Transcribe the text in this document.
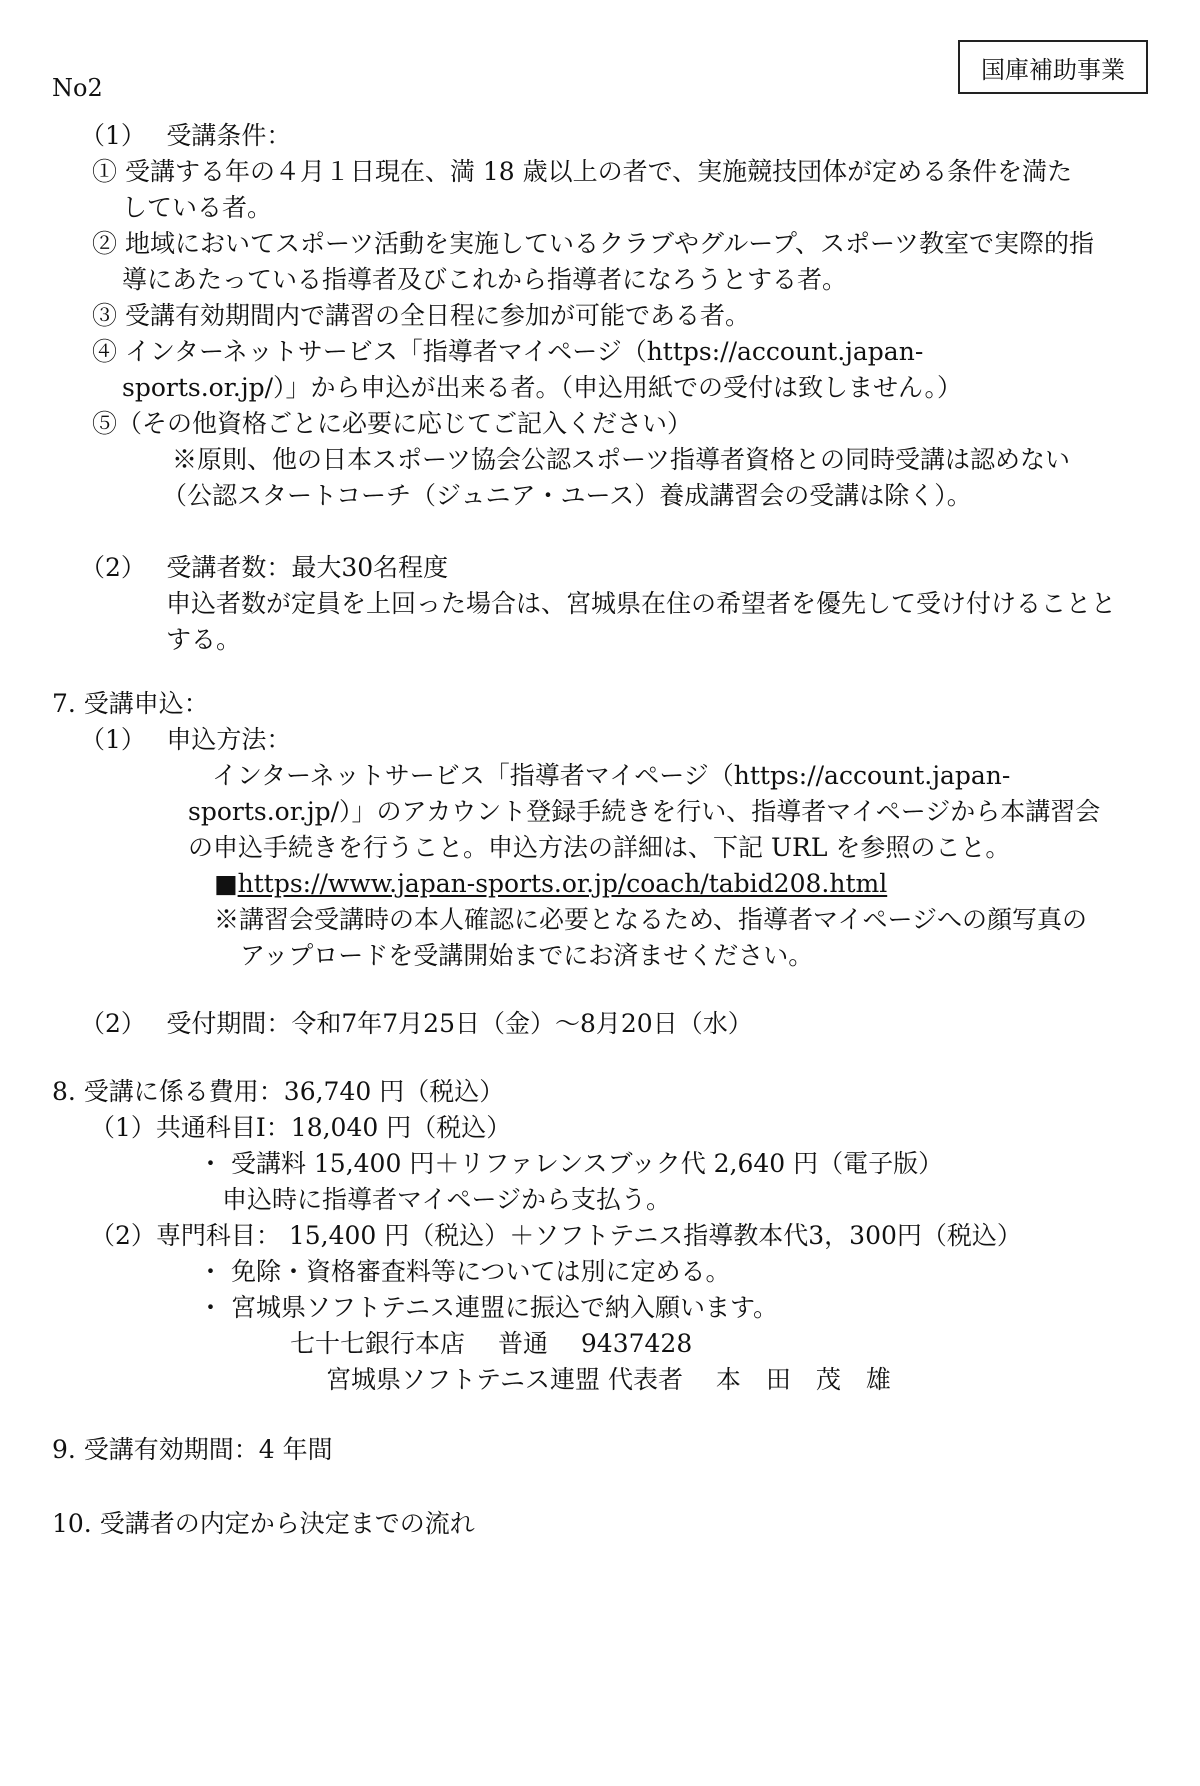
No2

国庫補助事業

（1）　 受講条件：

① 受講する年の４月１日現在、満 18 歳以上の者で、実施競技団体が定める条件を満た

している者。

② 地域においてスポーツ活動を実施しているクラブやグループ、スポーツ教室で実際的指

導にあたっている指導者及びこれから指導者になろうとする者。

③ 受講有効期間内で講習の全日程に参加が可能である者。

④ インターネットサービス「指導者マイページ（https://account.japan-

sports.or.jp/）」から申込が出来る者。（申込用紙での受付は致しません。）

⑤（その他資格ごとに必要に応じてご記入ください）

※原則、他の日本スポーツ協会公認スポーツ指導者資格との同時受講は認めない

（公認スタートコーチ（ジュニア・ユース）養成講習会の受講は除く）。

（2）　 受講者数：最大30名程度

申込者数が定員を上回った場合は、宮城県在住の希望者を優先して受け付けることと

する。

7. 受講申込：

（1）　 申込方法：

インターネットサービス「指導者マイページ（https://account.japan-

sports.or.jp/）」のアカウント登録手続きを行い、指導者マイページから本講習会

の申込手続きを行うこと。申込方法の詳細は、下記 URL を参照のこと。

■https://www.japan-sports.or.jp/coach/tabid208.html

※講習会受講時の本人確認に必要となるため、指導者マイページへの顔写真の

アップロードを受講開始までにお済ませください。

（2）　 受付期間：令和7年7月25日（金）～8月20日（水）

8. 受講に係る費用：36,740 円（税込）

（1）共通科目Ⅰ：18,040 円（税込）

・ 受講料 15,400 円＋リファレンスブック代 2,640 円（電子版）

申込時に指導者マイページから支払う。

（2）専門科目： 15,400 円（税込）＋ソフトテニス指導教本代3，300円（税込）

・ 免除・資格審査料等については別に定める。

・ 宮城県ソフトテニス連盟に振込で納入願います。

七十七銀行本店　 普通　 9437428

宮城県ソフトテニス連盟 代表者　 本　田　茂　雄

9. 受講有効期間：4 年間

10. 受講者の内定から決定までの流れ
